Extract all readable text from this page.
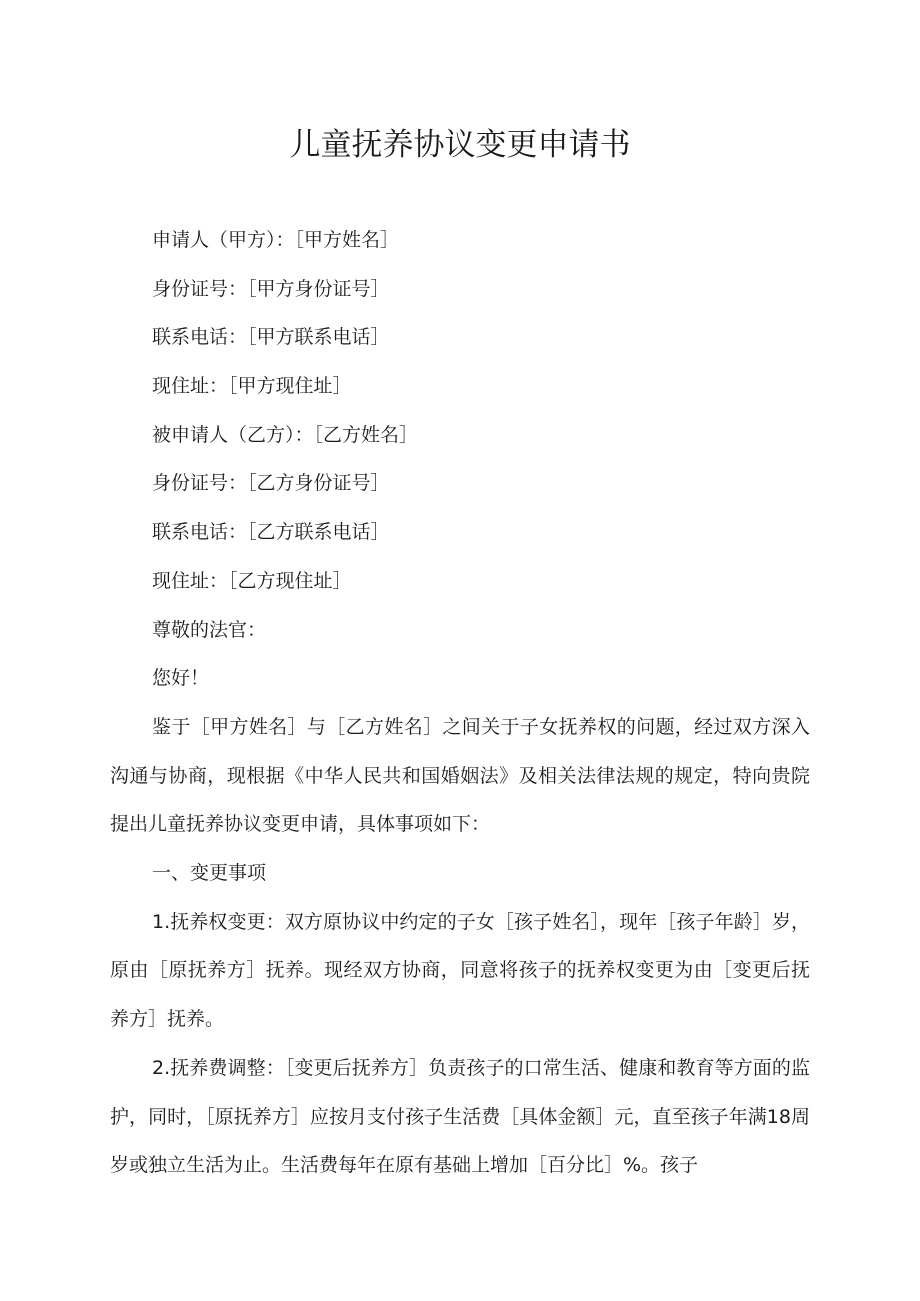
儿童抚养协议变更申请书
申请人（甲方）：［甲方姓名］
身份证号：［甲方身份证号］
联系电话：［甲方联系电话］
现住址：［甲方现住址］
被申请人（乙方）：［乙方姓名］
身份证号：［乙方身份证号］
联系电话：［乙方联系电话］
现住址：［乙方现住址］
尊敬的法官：
您好！

鉴于［甲方姓名］与［乙方姓名］之间关于子女抚养权的问题，经过双方深入沟通与协商，现根据《中华人民共和国婚姻法》及相关法律法规的规定，特向贵院提出儿童抚养协议变更申请，具体事项如下：

一、变更事项

1.抚养权变更：双方原协议中约定的子女［孩子姓名］，现年［孩子年龄］岁，原由［原抚养方］抚养。现经双方协商，同意将孩子的抚养权变更为由［变更后抚养方］抚养。

2.抚养费调整：［变更后抚养方］负责孩子的口常生活、健康和教育等方面的监护，同时，［原抚养方］应按月支付孩子生活费［具体金额］元，直至孩子年满18周岁或独立生活为止。生活费每年在原有基础上增加［百分比］%。孩子
